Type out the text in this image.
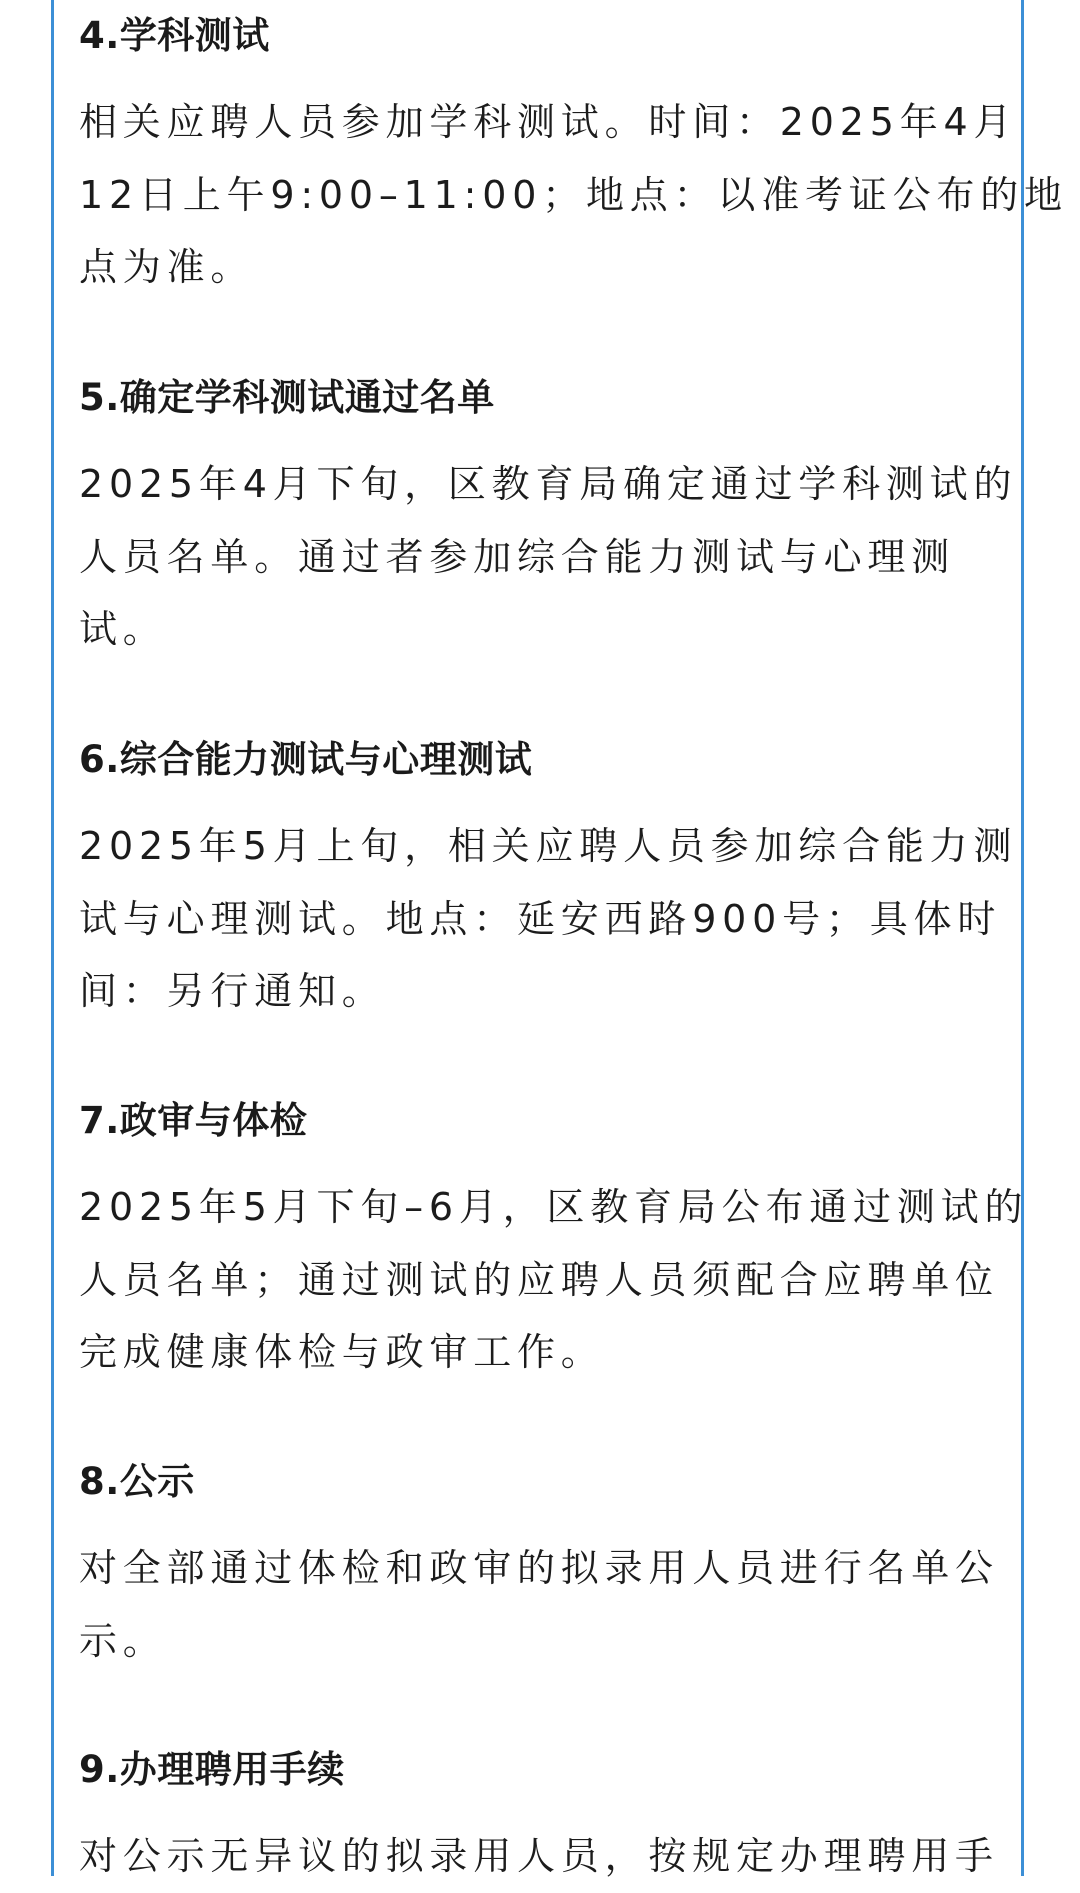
4.学科测试
相关应聘人员参加学科测试。时间：2025年4月
12日上午9:00–11:00；地点：以准考证公布的地
点为准。
5.确定学科测试通过名单
2025年4月下旬，区教育局确定通过学科测试的
人员名单。通过者参加综合能力测试与心理测
试。
6.综合能力测试与心理测试
2025年5月上旬，相关应聘人员参加综合能力测
试与心理测试。地点：延安西路900号；具体时
间：另行通知。
7.政审与体检
2025年5月下旬–6月，区教育局公布通过测试的
人员名单；通过测试的应聘人员须配合应聘单位
完成健康体检与政审工作。
8.公示
对全部通过体检和政审的拟录用人员进行名单公
示。
9.办理聘用手续
对公示无异议的拟录用人员，按规定办理聘用手
